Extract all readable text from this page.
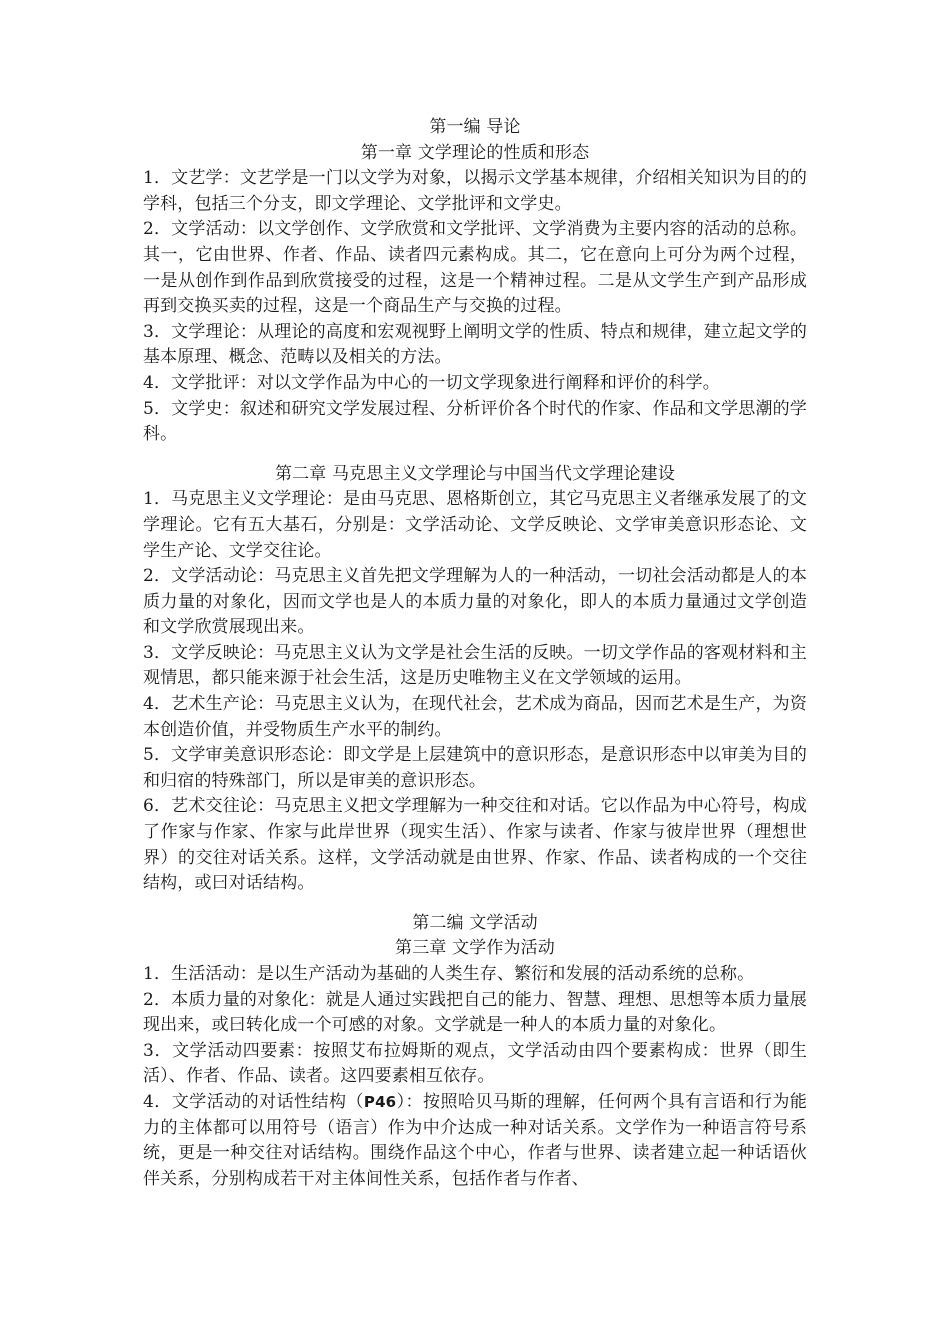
第一编 导论

第一章 文学理论的性质和形态

1．文艺学：文艺学是一门以文学为对象，以揭示文学基本规律，介绍相关知识为目的的学科，包括三个分支，即文学理论、文学批评和文学史。

2．文学活动：以文学创作、文学欣赏和文学批评、文学消费为主要内容的活动的总称。其一，它由世界、作者、作品、读者四元素构成。其二，它在意向上可分为两个过程，一是从创作到作品到欣赏接受的过程，这是一个精神过程。二是从文学生产到产品形成再到交换买卖的过程，这是一个商品生产与交换的过程。

3．文学理论：从理论的高度和宏观视野上阐明文学的性质、特点和规律，建立起文学的基本原理、概念、范畴以及相关的方法。

4．文学批评：对以文学作品为中心的一切文学现象进行阐释和评价的科学。

5．文学史：叙述和研究文学发展过程、分析评价各个时代的作家、作品和文学思潮的学科。

第二章 马克思主义文学理论与中国当代文学理论建设

1．马克思主义文学理论：是由马克思、恩格斯创立，其它马克思主义者继承发展了的文学理论。它有五大基石，分别是：文学活动论、文学反映论、文学审美意识形态论、文学生产论、文学交往论。

2．文学活动论：马克思主义首先把文学理解为人的一种活动，一切社会活动都是人的本质力量的对象化，因而文学也是人的本质力量的对象化，即人的本质力量通过文学创造和文学欣赏展现出来。

3．文学反映论：马克思主义认为文学是社会生活的反映。一切文学作品的客观材料和主观情思，都只能来源于社会生活，这是历史唯物主义在文学领域的运用。

4．艺术生产论：马克思主义认为，在现代社会，艺术成为商品，因而艺术是生产，为资本创造价值，并受物质生产水平的制约。

5．文学审美意识形态论：即文学是上层建筑中的意识形态，是意识形态中以审美为目的和归宿的特殊部门，所以是审美的意识形态。

6．艺术交往论：马克思主义把文学理解为一种交往和对话。它以作品为中心符号，构成了作家与作家、作家与此岸世界（现实生活）、作家与读者、作家与彼岸世界（理想世界）的交往对话关系。这样，文学活动就是由世界、作家、作品、读者构成的一个交往结构，或曰对话结构。

第二编 文学活动

第三章 文学作为活动

1．生活活动：是以生产活动为基础的人类生存、繁衍和发展的活动系统的总称。

2．本质力量的对象化：就是人通过实践把自己的能力、智慧、理想、思想等本质力量展现出来，或曰转化成一个可感的对象。文学就是一种人的本质力量的对象化。

3．文学活动四要素：按照艾布拉姆斯的观点，文学活动由四个要素构成：世界（即生活）、作者、作品、读者。这四要素相互依存。

4．文学活动的对话性结构（P46）：按照哈贝马斯的理解，任何两个具有言语和行为能力的主体都可以用符号（语言）作为中介达成一种对话关系。文学作为一种语言符号系统，更是一种交往对话结构。围绕作品这个中心，作者与世界、读者建立起一种话语伙伴关系，分别构成若干对主体间性关系，包括作者与作者、
